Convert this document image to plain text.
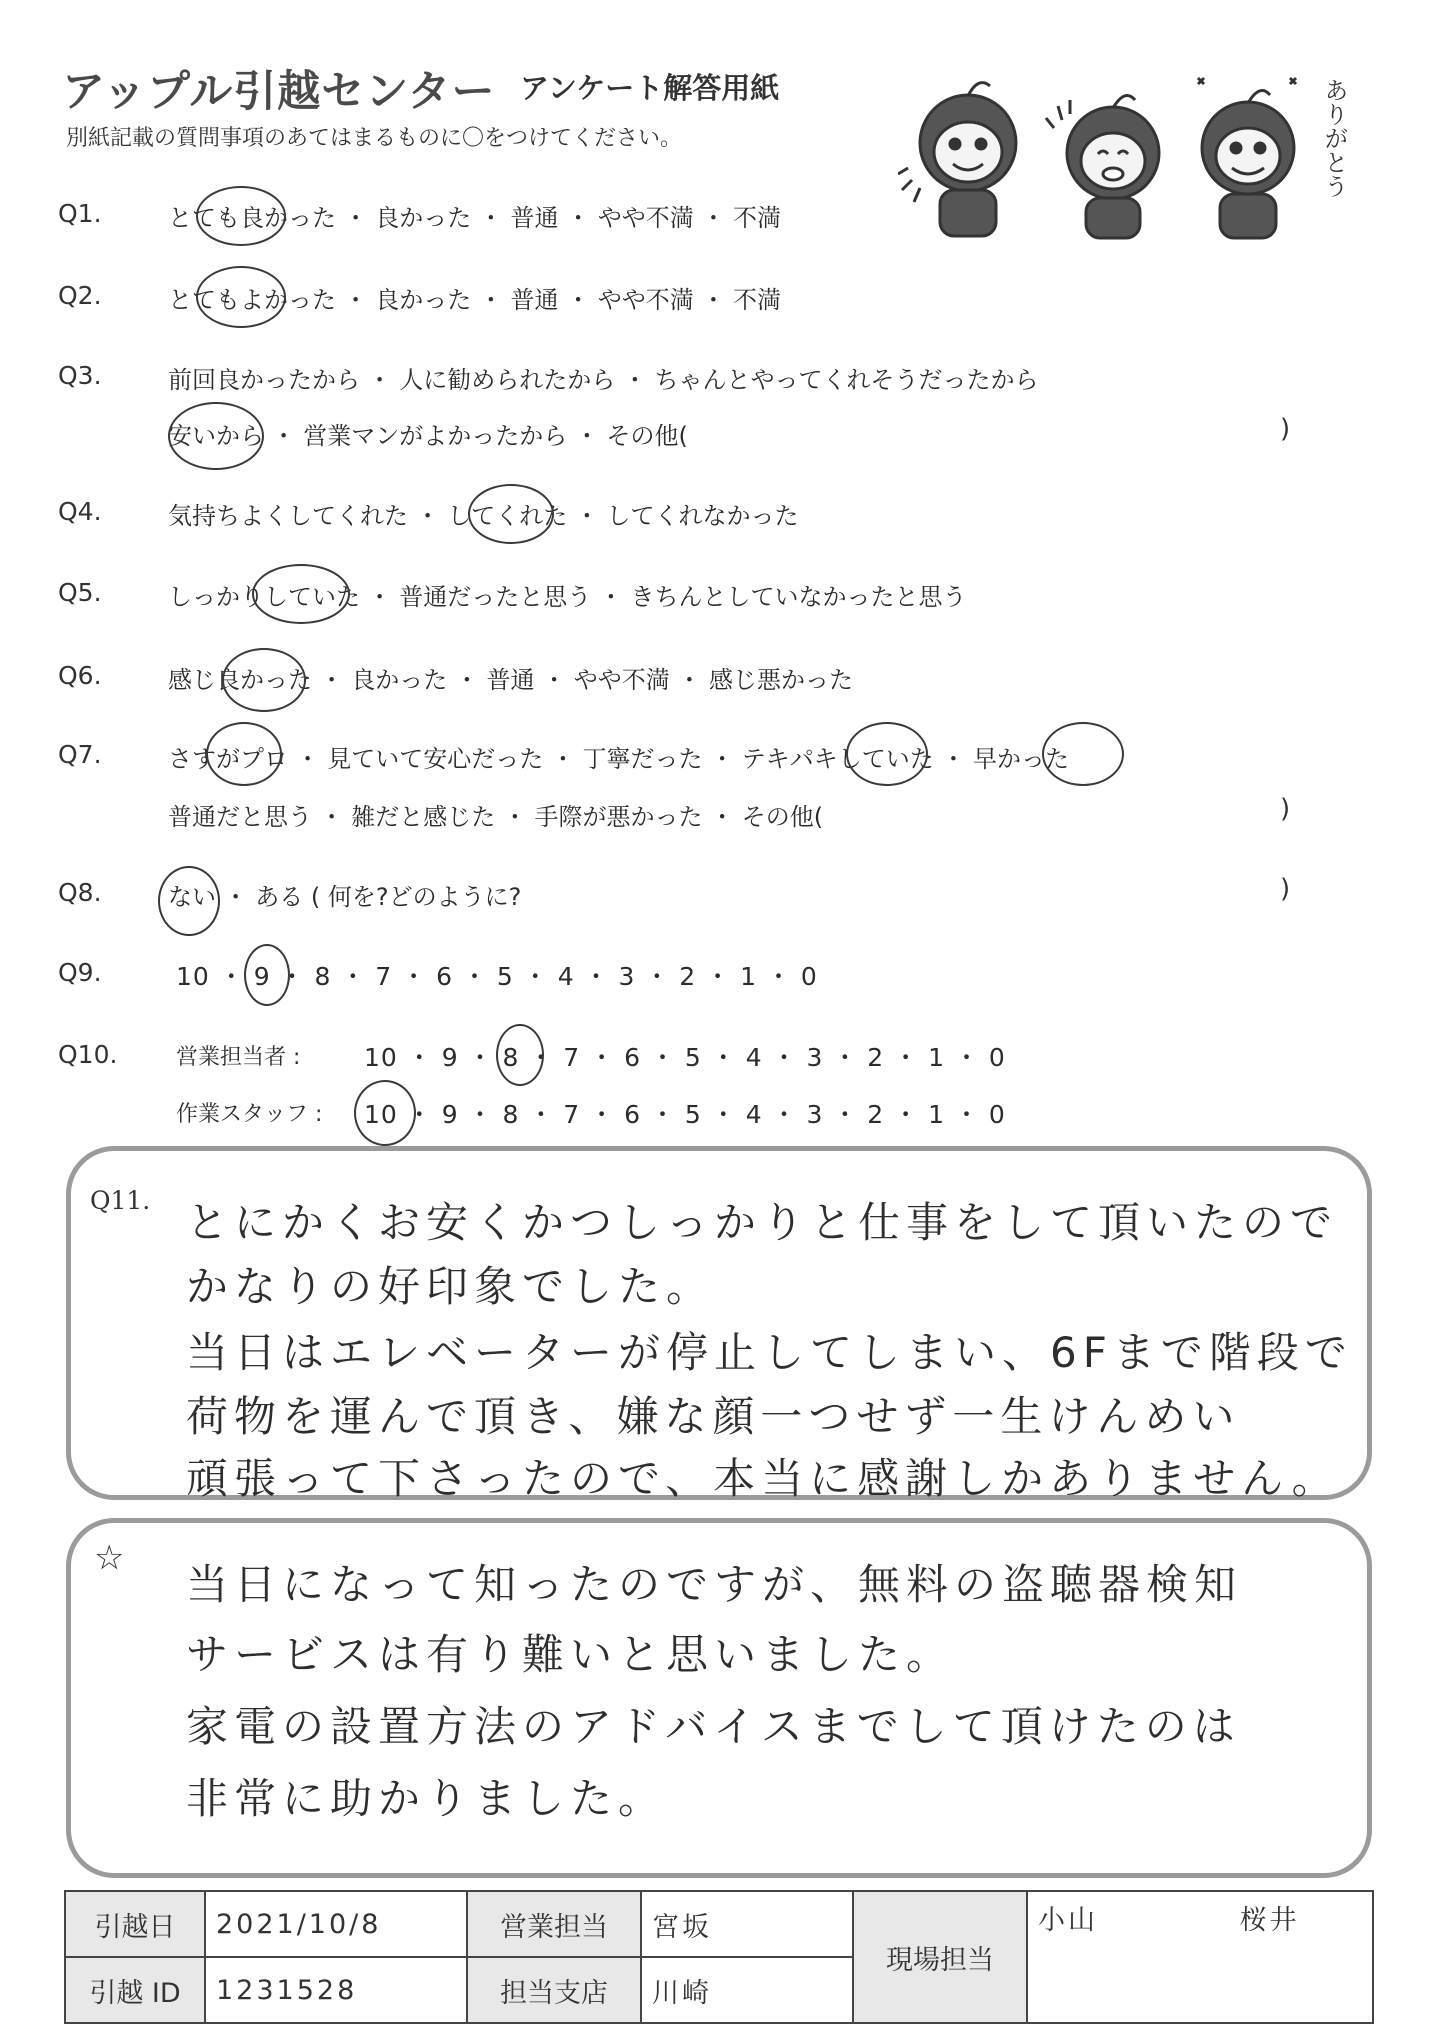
アップル引越センター アンケート解答用紙
別紙記載の質問事項のあてはまるものに〇をつけてください。	ありがとう
Q1.	とても良かった ・ 良かった ・ 普通 ・ やや不満 ・ 不満
Q2.	とてもよかった ・ 良かった ・ 普通 ・ やや不満 ・ 不満
Q3.	前回良かったから ・ 人に勧められたから ・ ちゃんとやってくれそうだったから
安いから ・ 営業マンがよかったから ・ その他(	)
Q4.	気持ちよくしてくれた ・ してくれた ・ してくれなかった
Q5.	しっかりしていた ・ 普通だったと思う ・ きちんとしていなかったと思う
Q6.	感じ良かった ・ 良かった ・ 普通 ・ やや不満 ・ 感じ悪かった
Q7.	さすがプロ ・ 見ていて安心だった ・ 丁寧だった ・ テキパキしていた ・ 早かった
普通だと思う ・ 雑だと感じた ・ 手際が悪かった ・ その他(	)
Q8.	ない ・ ある ( 何を?どのように?	)
Q9.	10 ・ 9 ・ 8 ・ 7 ・ 6 ・ 5 ・ 4 ・ 3 ・ 2 ・ 1 ・ 0
Q10.	営業担当者 :	10 ・ 9 ・ 8 ・ 7 ・ 6 ・ 5 ・ 4 ・ 3 ・ 2 ・ 1 ・ 0
作業スタッフ : 10 ・ 9 ・ 8 ・ 7 ・ 6 ・ 5 ・ 4 ・ 3 ・ 2 ・ 1 ・ 0
Q11. とにかくお安くかつしっかりと仕事をして頂いたので
かなりの好印象でした。
当日はエレベーターが停止してしまい、6Fまで階段で
荷物を運んで頂き、嫌な顔一つせず一生けんめい
頑張って下さったので、本当に感謝しかありません。
☆
当日になって知ったのですが、無料の盗聴器検知
サービスは有り難いと思いました。
家電の設置方法のアドバイスまでして頂けたのは
非常に助かりました。
引越日	2021/10/8	営業担当	宮坂	現場担当	小山 桜井
引越 ID	1231528	担当支店	川崎		
